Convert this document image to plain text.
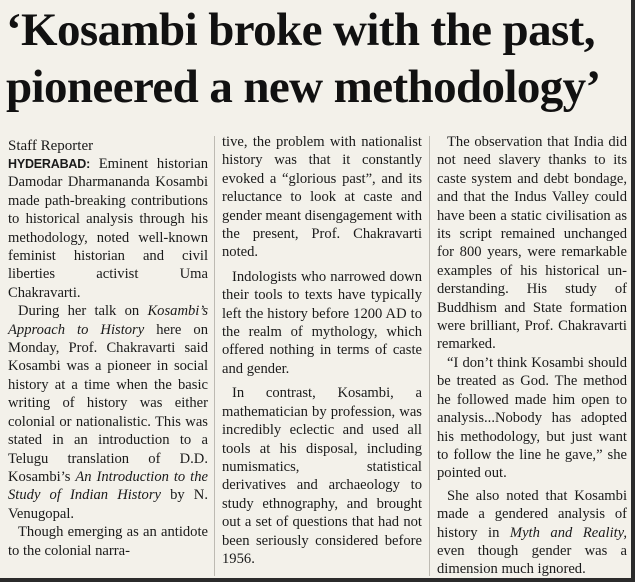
‘Kosambi broke with the past,
pioneered a new methodology’

Staff Reporter

HYDERABAD: Eminent historian Damodar Dharmananda Kosambi made path-breaking contributions to historical analysis through his methodology, noted well-known feminist historian and civil liberties activist Uma Chakravarti.

During her talk on Kosambi’s Approach to History here on Monday, Prof. Chakravarti said Kosambi was a pioneer in social history at a time when the basic writing of history was either colonial or nationalistic. This was stated in an introduction to a Telugu translation of D.D. Kosambi’s An Introduction to the Study of Indian History by N. Venugopal.

Though emerging as an antidote to the colonial narra-

tive, the problem with nationalist history was that it constantly evoked a “glorious past”, and its reluctance to look at caste and gender meant disengagement with the present, Prof. Chakravarti noted.

Indologists who narrowed down their tools to texts have typically left the history before 1200 AD to the realm of mythology, which offered nothing in terms of caste and gender.

In contrast, Kosambi, a mathematician by profession, was incredibly eclectic and used all tools at his disposal, including numismatics, statistical derivatives and archaeology to study ethnography, and brought out a set of questions that had not been seriously considered before 1956.

The observation that India did not need slavery thanks to its caste system and debt bondage, and that the Indus Valley could have been a static civilisation as its script remained unchanged for 800 years, were remarkable examples of his historical understanding. His study of Buddhism and State formation were brilliant, Prof. Chakravarti remarked.

“I don’t think Kosambi should be treated as God. The method he followed made him open to analysis...Nobody has adopted his methodology, but just want to follow the line he gave,” she pointed out.

She also noted that Kosambi made a gendered analysis of history in Myth and Reality, even though gender was a dimension much ignored.
